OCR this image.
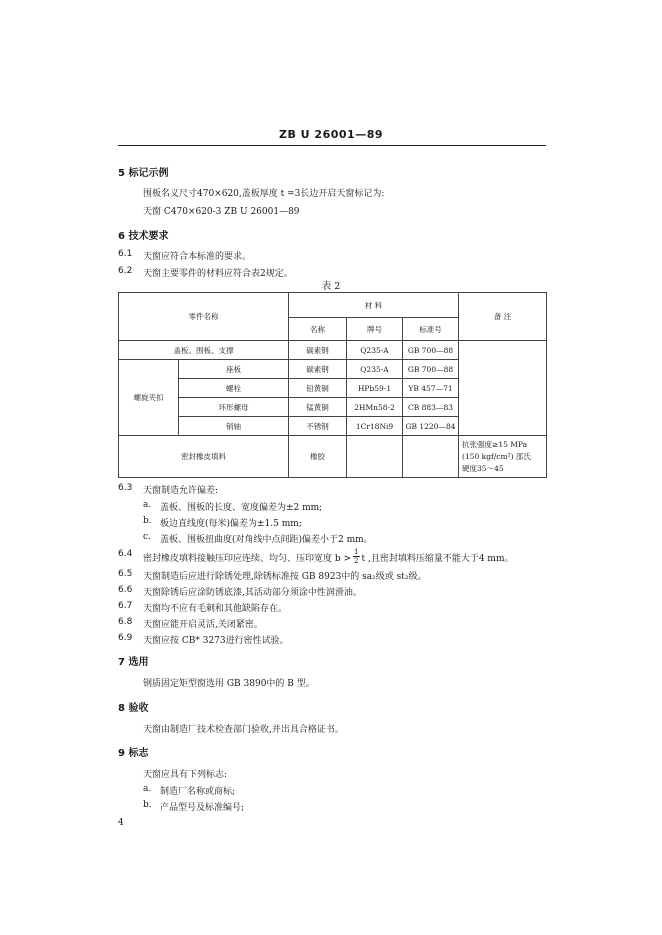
ZB U 26001—89
5 标记示例
围板名义尺寸470×620,盖板厚度 t =3长边开启天窗标记为:
天窗 C470×620-3 ZB U 26001—89
6 技术要求
6.1 天窗应符合本标准的要求。
6.2 天窗主要零件的材料应符合表2规定。
表 2
零件名称		材 料			备 注
		名称	牌号	标准号	
盖板、围板、支撑		碳素钢	Q235-A	GB 700—88	
螺旋夹扣	座板	碳素钢	Q235-A	GB 700—88	
	螺栓	铅黄铜	HPb59-1	YB 457—71	
	环形螺母	锰黄铜	2HMn58-2	CB 883—83	
	销轴	不锈钢	1Cr18Ni9	GB 1220—84	
密封橡皮填料		橡胶			抗张强度≥15 MPa
(150 kgf/cm²) 邵氏
硬度35～45
6.3 天窗制造允许偏差:
a. 盖板、围板的长度、宽度偏差为±2 mm;
b. 板边直线度(每米)偏差为±1.5 mm;
c. 盖板、围板扭曲度(对角线中点间距)偏差小于2 mm。
6.4 密封橡皮填料接触压印应连续、均匀、压印宽度 $b > \frac{1}{2}$ t ,且密封填料压缩量不能大于4 mm。
6.5 天窗制造后应进行除锈处理,除锈标准按 GB 8923中的 sa₂级或 st₂级。
6.6 天窗除锈后应涂防锈底漆,其活动部分须涂中性润滑油。
6.7 天窗均不应有毛刺和其他缺陷存在。
6.8 天窗应能开启灵活,关闭紧密。
6.9 天窗应按 CB* 3273进行密性试验。
7 选用
钢质固定矩型窗选用 GB 3890中的 B 型。
8 验收
天窗由制造厂技术检查部门验收,并出具合格证书。
9 标志
天窗应具有下列标志:
a. 制造厂名称或商标;
b. 产品型号及标准编号;
4
